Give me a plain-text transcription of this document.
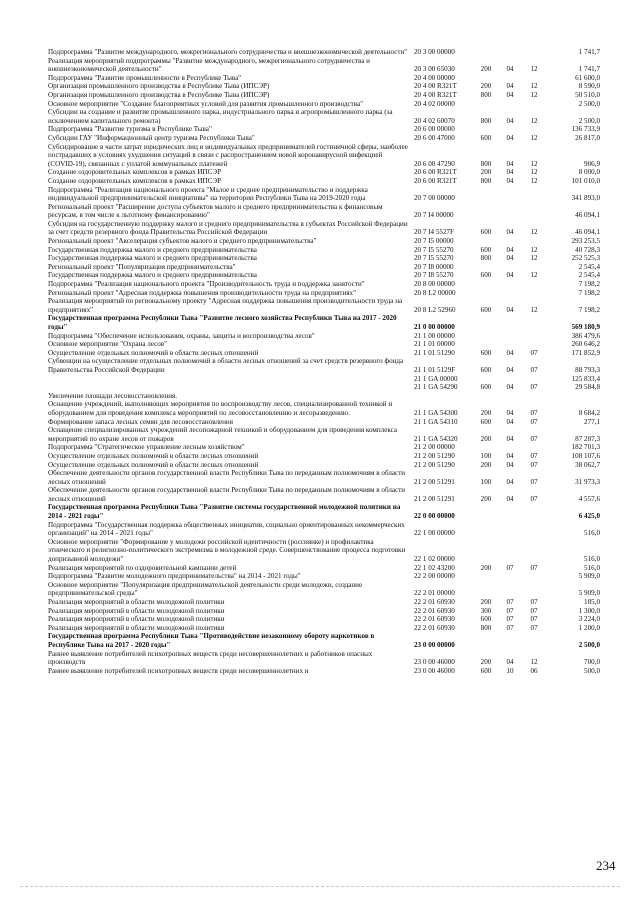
Подпрограмма "Развитие международного, межрегионального сотрудничества и внешнеэкономической деятельности"	20 3 00 00000				1 741,7
Реализация мероприятий подпрограммы "Развитие международного, межрегионального сотрудничества и внешнеэкономической деятельности"	20 3 00 65030	200	04	12	1 741,7
Подпрограмма "Развитие промышленности в Республике Тыва"	20 4 00 00000				61 600,0
Организация промышленного производства в Республике Тыва (ИПСЭР)	20 4 00 R321T	200	04	12	8 590,0
Организация промышленного производства в Республике Тыва (ИПСЭР)	20 4 00 R321T	800	04	12	50 510,0
Основное мероприятие "Создание благоприятных условий для развития промышленного производства"	20 4 02 00000				2 500,0
Субсидии на создание и развитие промышленного парка, индустриального парка и агропромышленного парка (за исключением капитального ремонта)	20 4 02 60070	800	04	12	2 500,0
Подпрограмма "Развитие туризма в Республике Тыва"	20 6 00 00000				136 733,9
Субсидии ГАУ "Информационный центр туризма Республики Тыва"	20 6 00 47000	600	04	12	26 817,0
Субсидирование в части затрат юридических лиц и индивидуальных предпринимателей гостиничной сферы, наиболее пострадавших в условиях ухудшения ситуаций в связи с распространением новой коронавирусной инфекцией (COVID-19), связанных с уплатой коммунальных платежей	20 6 00 47290	800	04	12	906,9
Создание оздоровительных комплексов в рамках ИПСЭР	20 6 00 R321T	200	04	12	8 000,0
Создание оздоровительных комплексов в рамках ИПСЭР	20 6 00 R321T	800	04	12	101 010,0
Подпрограмма "Реализация национального проекта "Малое и среднее предпринимательство и поддержка индивидуальной предпринимательской инициативы" на территории Республики Тыва на 2019-2020 годы	20 7 00 00000				341 893,0
Региональный проект "Расширение доступа субъектов малого и среднего предпринимательства к финансовым ресурсам, в том числе к льготному финансированию"	20 7 I4 00000				46 094,1
Субсидия на государственную поддержку малого и среднего предпринимательства в субъектах Российской Федерации за счет средств резервного фонда Правительства Российской Федерации	20 7 I4 5527F	600	04	12	46 094,1
Региональный проект "Акселерация субъектов малого и среднего предпринимательства"	20 7 I5 00000				293 253,5
Государственная поддержка малого и среднего предпринимательства	20 7 I5 55270	600	04	12	40 728,3
Государственная поддержка малого и среднего предпринимательства	20 7 I5 55270	800	04	12	252 525,3
Региональный проект "Популяризация предпринимательства"	20 7 I8 00000				2 545,4
Государственная поддержка малого и среднего предпринимательства	20 7 I8 55270	600	04	12	2 545,4
Подпрограмма "Реализация национального проекта "Производительность труда и поддержка занятости"	20 8 00 00000				7 198,2
Региональный проект "Адресная поддержка повышения производительности труда на предприятиях"	20 8 L2 00000				7 198,2
Реализация мероприятий по региональному проекту "Адресная поддержка повышения производительности труда на предприятиях"	20 8 L2 52960	600	04	12	7 198,2
Государственная программа Республики Тыва "Развитие лесного хозяйства Республики Тыва на 2017 - 2020 годы"	21 0 00 00000				569 180,9
Подпрограмма "Обеспечение использования, охраны, защиты и воспроизводства лесов"	21 1 00 00000				386 479,6
Основное мероприятие "Охрана лесов"	21 1 01 00000				260 646,2
Осуществление отдельных полномочий в области лесных отношений	21 1 01 51290	600	04	07	171 852,9
Субвенции на осуществление отдельных полномочий в области лесных отношений за счет средств резервного фонда Правительства Российской Федерации	21 1 01 5129F	600	04	07	88 793,3
	21 1 GA 00000				125 833,4
	21 1 GA 54290	600	04	07	29 584,8
Увеличение площади лесовосстановления.					
Оснащение учреждений, выполняющих мероприятия по воспроизводству лесов, специализированной техникой и оборудованием для проведения комплекса мероприятий по лесовосстановлению и лесоразведению.	21 1 GA 54300	200	04	07	8 684,2
Формирование запаса лесных семян для лесовосстановления	21 1 GA 54310	600	04	07	277,1
Оснащение специализированных учреждений лесопожарной техникой и оборудованием для проведения комплекса мероприятий по охране лесов от пожаров	21 1 GA 54320	200	04	07	87 287,3
Подпрограмма "Стратегическое управление лесным хозяйством"	21 2 00 00000				182 701,3
Осуществление отдельных полномочий в области лесных отношений	21 2 00 51290	100	04	07	108 107,6
Осуществление отдельных полномочий в области лесных отношений	21 2 00 51290	200	04	07	38 062,7
Обеспечение деятельности органов государственной власти Республики Тыва по переданным полномочиям в области лесных отношений	21 2 00 51291	100	04	07	31 973,3
Обеспечение деятельности органов государственной власти Республики Тыва по переданным полномочиям в области лесных отношений	21 2 00 51291	200	04	07	4 557,6
Государственная программа Республики Тыва "Развитие системы государственной молодежной политики на 2014 - 2021 годы"	22 0 00 00000				6 425,0
Подпрограмма "Государственная поддержка общественных инициатив, социально ориентированных некоммерческих организаций" на 2014 - 2021 годы"	22 1 00 00000				516,0
Основное мероприятие "Формирование у молодежи российской идентичности (россиянке) и профилактика этнического и религиозно-политического экстремизма в молодежной среде. Совершенствование процесса подготовки допризывной молодежи"	22 1 02 00000				516,0
Реализация мероприятий по оздоровительной кампании детей	22 1 02 43200	200	07	07	516,0
Подпрограмма "Развитие молодежного предпринимательства" на 2014 - 2021 годы"	22 2 00 00000				5 909,0
Основное мероприятие "Популяризация предпринимательской деятельности среди молодежи, создание предпринимательской среды"	22 2 01 00000				5 909,0
Реализация мероприятий в области молодежной политики	22 2 01 60930	200	07	07	185,0
Реализация мероприятий в области молодежной политики	22 2 01 60930	300	07	07	1 300,0
Реализация мероприятий в области молодежной политики	22 2 01 60930	600	07	07	3 224,0
Реализация мероприятий в области молодежной политики	22 2 01 60930	800	07	07	1 200,0
Государственная программа Республики Тыва "Противодействие незаконному обороту наркотиков в Республике Тыва на 2017 - 2020 годы"	23 0 00 00000				2 500,0
Раннее выявление потребителей психотропных веществ среди несовершеннолетних и работников опасных производств	23 0 00 46000	200	04	12	700,0
Раннее выявление потребителей психотропных веществ среди несовершеннолетних и	23 0 00 46000	600	10	06	500,0
234
